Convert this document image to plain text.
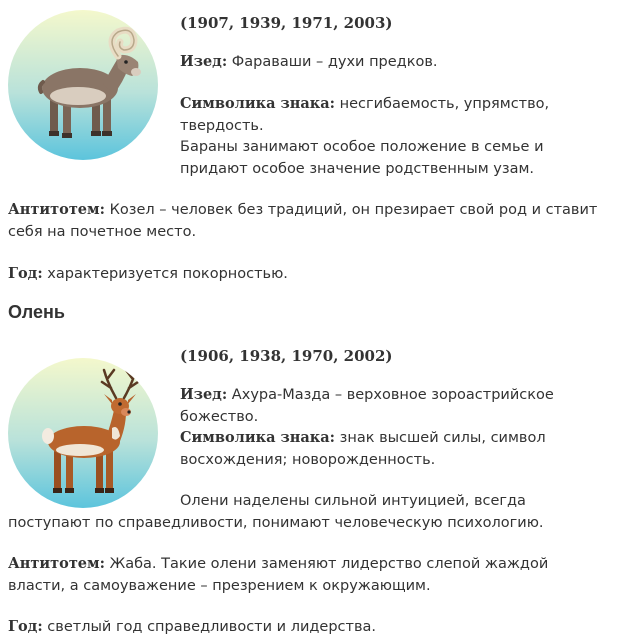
(1907, 1939, 1971, 2003)

Изед: Фараваши – духи предков.

Символика знака: несгибаемость, упрямство, твердость.

Бараны занимают особое положение в семье и придают особое значение родственным узам.

Антитотем: Козел – человек без традиций, он презирает свой род и ставит себя на почетное место.

Год: характеризуется покорностью.

Олень

(1906, 1938, 1970, 2002)

Изед: Ахура-Мазда – верховное зороастрийское божество.

Символика знака: знак высшей силы, символ восхождения; новорожденность.

Олени наделены сильной интуицией, всегда поступают по справедливости, понимают человеческую психологию.

Антитотем: Жаба. Такие олени заменяют лидерство слепой жаждой власти, а самоуважение – презрением к окружающим.

Год: светлый год справедливости и лидерства.
